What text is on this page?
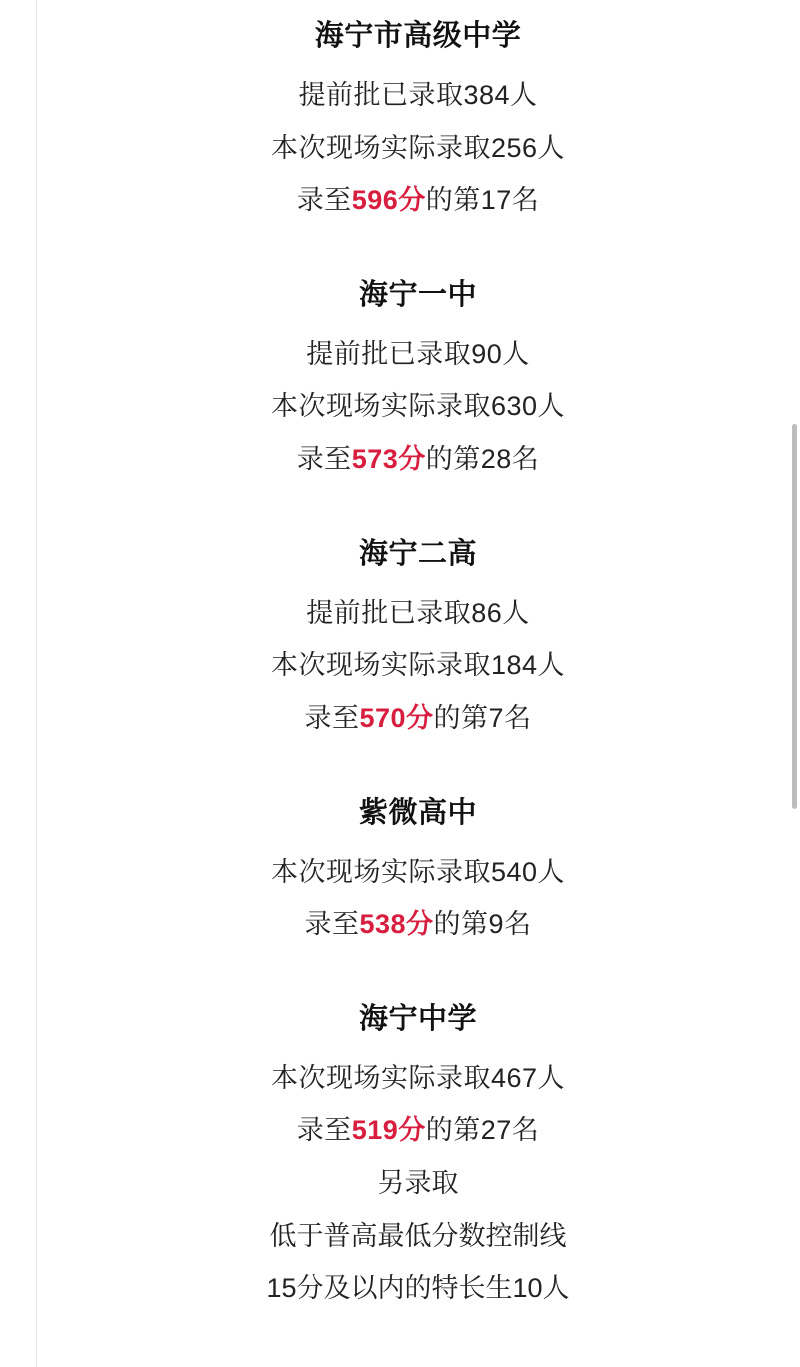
海宁市高级中学
提前批已录取384人
本次现场实际录取256人
录至596分的第17名
海宁一中
提前批已录取90人
本次现场实际录取630人
录至573分的第28名
海宁二高
提前批已录取86人
本次现场实际录取184人
录至570分的第7名
紫微高中
本次现场实际录取540人
录至538分的第9名
海宁中学
本次现场实际录取467人
录至519分的第27名
另录取
低于普高最低分数控制线
15分及以内的特长生10人
